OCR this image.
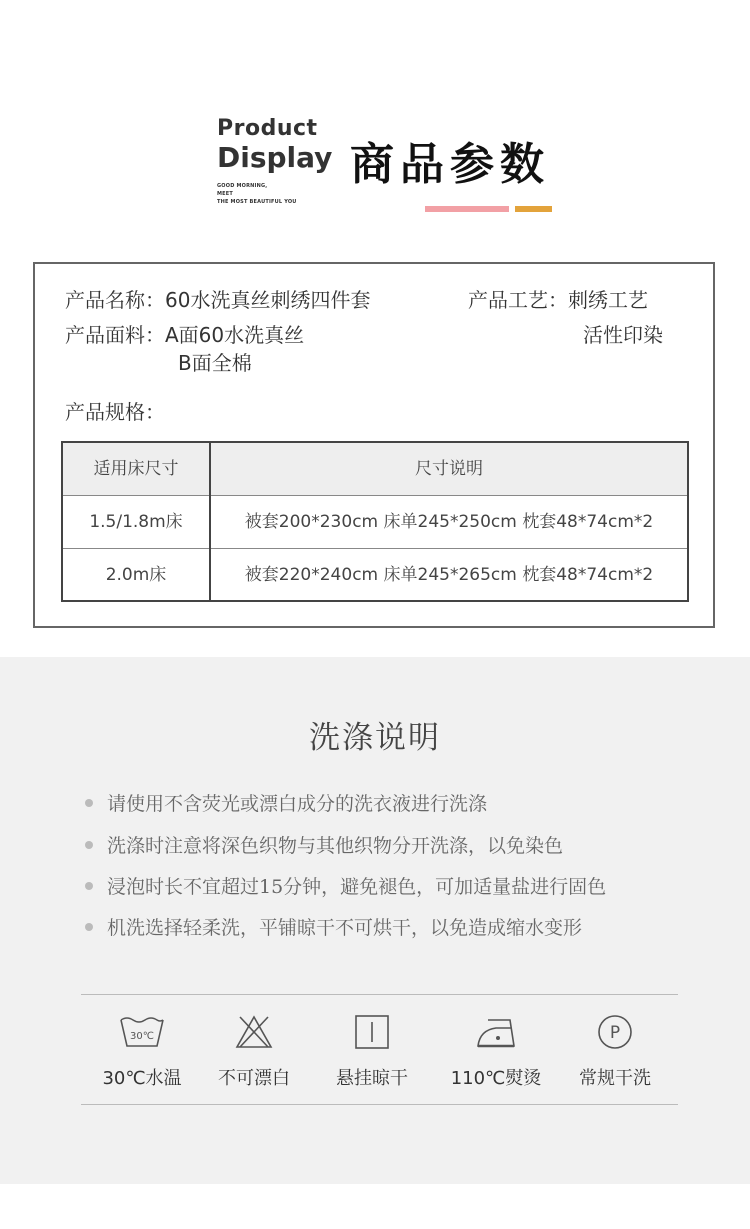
Product
Display
GOOD MORNING,
MEET
THE MOST BEAUTIFUL YOU
商品参数
产品名称：60水洗真丝刺绣四件套	产品工艺：刺绣工艺
活性印染
产品面料：A面60水洗真丝
B面全棉
产品规格：
适用床尺寸	尺寸说明
1.5/1.8m床	被套200*230cm 床单245*250cm 枕套48*74cm*2
2.0m床	被套220*240cm 床单245*265cm 枕套48*74cm*2
洗涤说明
请使用不含荧光或漂白成分的洗衣液进行洗涤
洗涤时注意将深色织物与其他织物分开洗涤，以免染色
浸泡时长不宜超过15分钟，避免褪色，可加适量盐进行固色
机洗选择轻柔洗，平铺晾干不可烘干，以免造成缩水变形
30℃
30℃水温	不可漂白	悬挂晾干	110℃熨烫
P
常规干洗
